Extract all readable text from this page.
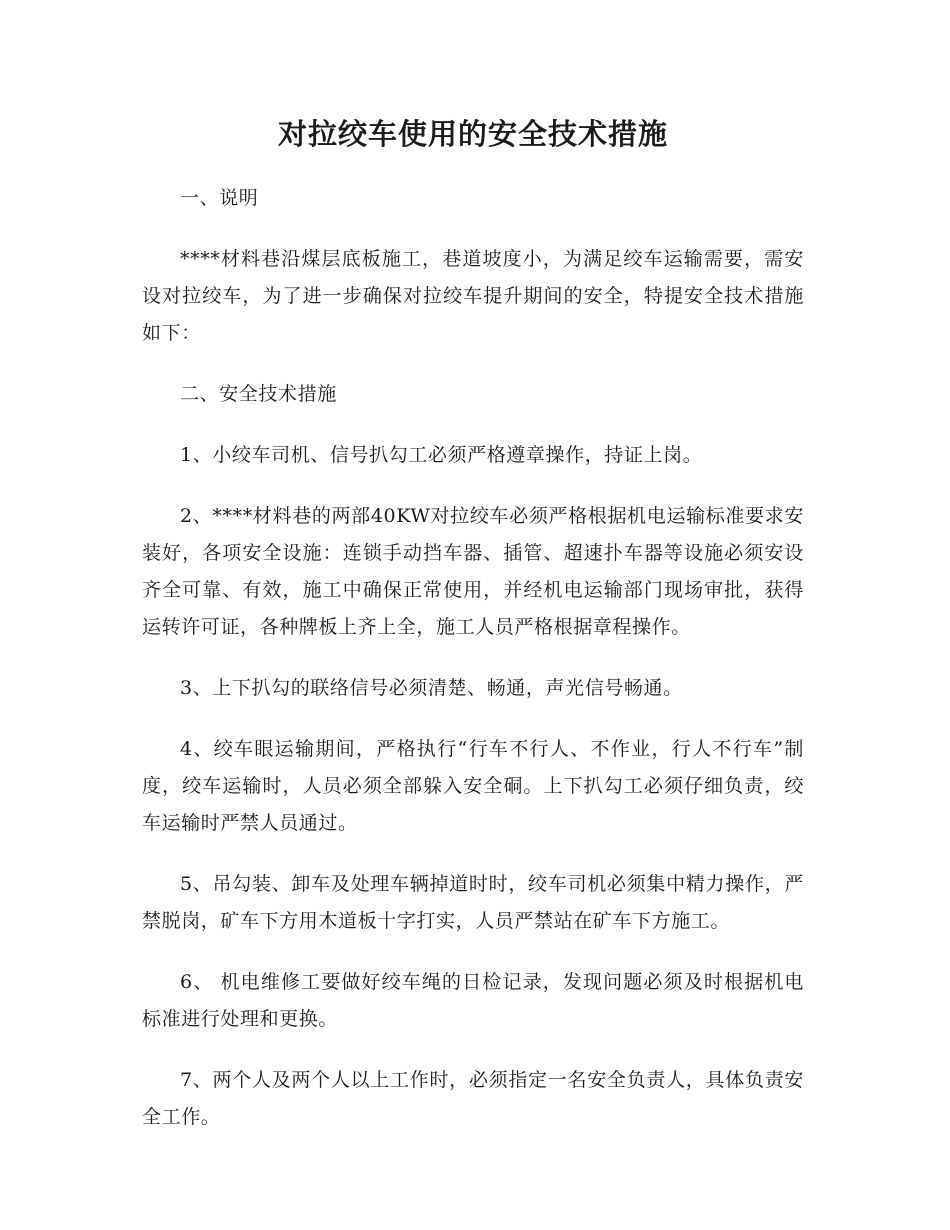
对拉绞车使用的安全技术措施

一、说明

****材料巷沿煤层底板施工，巷道坡度小，为满足绞车运输需要，需安设对拉绞车，为了进一步确保对拉绞车提升期间的安全，特提安全技术措施如下：

二、安全技术措施

1、小绞车司机、信号扒勾工必须严格遵章操作，持证上岗。

2、****材料巷的两部40KW对拉绞车必须严格根据机电运输标准要求安装好，各项安全设施：连锁手动挡车器、插管、超速扑车器等设施必须安设齐全可靠、有效，施工中确保正常使用，并经机电运输部门现场审批，获得运转许可证，各种牌板上齐上全，施工人员严格根据章程操作。

3、上下扒勾的联络信号必须清楚、畅通，声光信号畅通。

4、绞车眼运输期间，严格执行“行车不行人、不作业，行人不行车”制度，绞车运输时，人员必须全部躲入安全硐。上下扒勾工必须仔细负责，绞车运输时严禁人员通过。

5、吊勾装、卸车及处理车辆掉道时时，绞车司机必须集中精力操作，严禁脱岗，矿车下方用木道板十字打实，人员严禁站在矿车下方施工。

6、 机电维修工要做好绞车绳的日检记录，发现问题必须及时根据机电标准进行处理和更换。

7、两个人及两个人以上工作时，必须指定一名安全负责人，具体负责安全工作。
